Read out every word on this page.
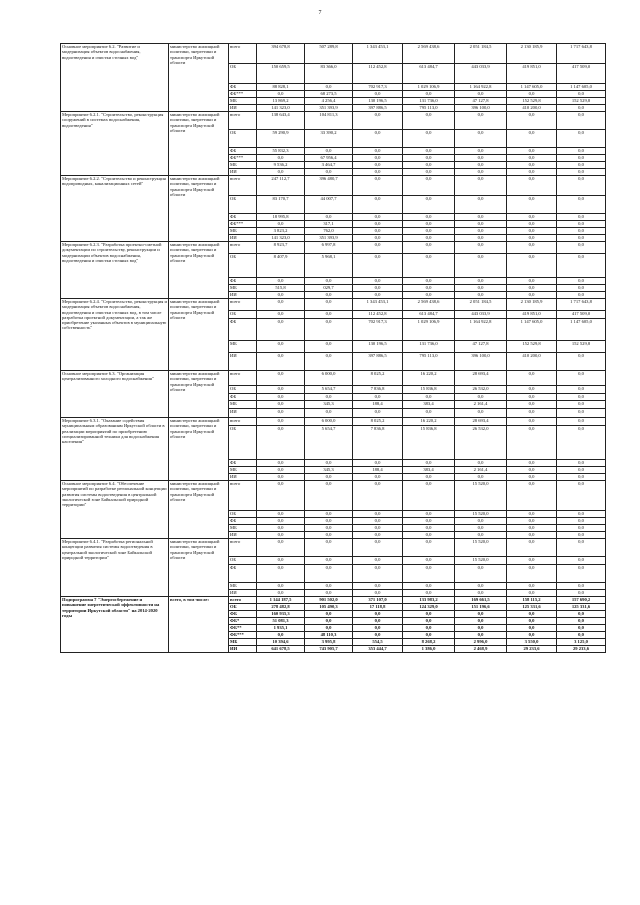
7
Основное мероприятие 6.2. "Развитие и модернизация объектов водоснабжения, водоотведения и очистки сточных вод"	министерство жилищной политики, энергетики и транспорта Иркутской области	всего	394 678,8	507 289,8	1 343 453,1	2 569 438,6	2 051 184,5	2 130 185,9	1 717 643,8
		ОБ	150 659,5	83 366,0	112 452,8	613 484,7	443 033,9	419 851,0	417 509,0
		ФБ	88 828,1	0,0	702 917,3	1 029 106,9	1 164 922,8	1 147 605,0	1 147 605,0
		ФБ***	0,0	68 273,5	0,0	0,0	0,0	0,0	0,0
		МБ	13 869,2	4 256,4	130 196,5	131 736,0	47 127,8	152 529,8	152 529,8
		ИИ	141 323,0	351 393,9	397 886,5	795 113,0	396 100,0	410 200,0	0,0
Мероприятие 6.2.1. "Строительство, реконструкция сооружений в системах водоснабжения, водоотведения"	министерство жилищной политики, энергетики и транспорта Иркутской области	всего	138 643,4	104 811,3	0,0	0,0	0,0	0,0	0,0
		ОБ	59 290,9	33 390,2	0,0	0,0	0,0	0,0	0,0
		ФБ	55 832,3	0,0	0,0	0,0	0,0	0,0	0,0
		ФБ***	0,0	67 956,4	0,0	0,0	0,0	0,0	0,0
		МБ	9 536,2	3 464,7	0,0	0,0	0,0	0,0	0,0
		ИИ	0,0	0,0	0,0	0,0	0,0	0,0	0,0
Мероприятие 6.2.2. "Строительство и реконструкция водопроводных, канализационных сетей"	министерство жилищной политики, энергетики и транспорта Иркутской области	всего	247 112,7	396 480,7	0,0	0,0	0,0	0,0	0,0
		ОБ	83 170,7	44 007,7	0,0	0,0	0,0	0,0	0,0
		ФБ	18 995,8	0,0	0,0	0,0	0,0	0,0	0,0
		ФБ***	0,0	317,1	0,0	0,0	0,0	0,0	0,0
		МБ	3 823,2	762,0	0,0	0,0	0,0	0,0	0,0
		ИИ	141 323,0	351 393,9	0,0	0,0	0,0	0,0	0,0
Мероприятие 6.2.3. "Разработка проектно-сметной документации по строительству, реконструкции и модернизации объектов водоснабжения, водоотведения и очистки сточных вод"	министерство жилищной политики, энергетики и транспорта Иркутской области	всего	8 923,7	6 997,8	0,0	0,0	0,0	0,0	0,0
		ОБ	8 407,9	5 968,1	0,0	0,0	0,0	0,0	0,0
		ФБ	0,0	0,0	0,0	0,0	0,0	0,0	0,0
		МБ	515,8	029,7	0,0	0,0	0,0	0,0	0,0
		ИИ	0,0	0,0	0,0	0,0	0,0	0,0	0,0
Мероприятие 6.2.4. "Строительство, реконструкция и модернизация объектов водоснабжения, водоотведения и очистки сточных вод, в том числе разработка проектной документации, а так же приобретение указанных объектов в муниципальную собственность"	министерство жилищной политики, энергетики и транспорта Иркутской области	всего	0,0	0,0	1 343 453,1	2 569 438,6	2 051 184,5	2 130 185,9	1 717 643,8
		ОБ	0,0	0,0	112 452,8	613 484,7	443 033,9	419 851,0	417 509,0
		ФБ	0,0	0,0	702 917,3	1 029 106,9	1 164 922,8	1 147 605,0	1 147 605,0
		МБ	0,0	0,0	130 196,5	131 736,0	47 127,8	152 529,8	152 529,8
		ИИ	0,0	0,0	397 886,5	795 113,0	396 100,0	410 200,0	0,0
Основное мероприятие 6.3. "Организация централизованного холодного водоснабжения"	министерство жилищной политики, энергетики и транспорта Иркутской области	всего	0,0	6 000,0	8 025,2	16 220,2	28 693,4	0,0	0,0
		ОБ	0,0	5 654,7	7 836,8	15 836,8	26 532,0	0,0	0,0
		ФБ	0,0	0,0	0,0	0,0	0,0	0,0	0,0
		МБ	0,0	345,3	188,4	383,4	2 161,4	0,0	0,0
		ИИ	0,0	0,0	0,0	0,0	0,0	0,0	0,0
Мероприятие 6.3.1. "Оказание содействия муниципальным образованиям Иркутской области в реализации мероприятий по приобретению специализированной техники для водоснабжения населения"	министерство жилищной политики, энергетики и транспорта Иркутской области	всего	0,0	6 000,0	8 025,2	16 220,2	28 693,4	0,0	0,0
		ОБ	0,0	5 654,7	7 836,8	15 836,8	26 532,0	0,0	0,0
		ФБ	0,0	0,0	0,0	0,0	0,0	0,0	0,0
		МБ	0,0	345,3	188,4	383,4	2 161,4	0,0	0,0
		ИИ	0,0	0,0	0,0	0,0	0,0	0,0	0,0
Основное мероприятие 6.4. "Обеспечение мероприятий по разработке региональной концепции развития системы водоотведения в центральной экологической зоне Байкальской природной территории"	министерство жилищной политики, энергетики и транспорта Иркутской области	всего	0,0	0,0	0,0	0,0	15 520,0	0,0	0,0
		ОБ	0,0	0,0	0,0	0,0	15 520,0	0,0	0,0
		ФБ	0,0	0,0	0,0	0,0	0,0	0,0	0,0
		МБ	0,0	0,0	0,0	0,0	0,0	0,0	0,0
		ИИ	0,0	0,0	0,0	0,0	0,0	0,0	0,0
Мероприятие 6.4.1. "Разработка региональной концепции развития системы водоотведения в центральной экологической зоне Байкальской природной территории"	министерство жилищной политики, энергетики и транспорта Иркутской области	всего	0,0	0,0	0,0	0,0	15 520,0	0,0	0,0
		ОБ	0,0	0,0	0,0	0,0	15 520,0	0,0	0,0
		ФБ	0,0	0,0	0,0	0,0	0,0	0,0	0,0
		МБ	0,0	0,0	0,0	0,0	0,0	0,0	0,0
		ИИ	0,0	0,0	0,0	0,0	0,0	0,0	0,0
Подпрограмма 7 "Энергосбережение и повышение энергетической эффективности на территории Иркутской области" на 2014-2020 годы	всего, в том числе:	всего	1 144 187,5	901 502,0	371 107,0	133 983,2	169 661,5	158 115,2	157 690,2
		ОБ	278 482,8	105 490,3	17 118,8	124 329,0	151 196,6	125 331,6	125 331,6
		ФБ	160 935,3	0,0	0,0	0,0	0,0	0,0	0,0
		ФБ*	51 081,3	0,0	0,0	0,0	0,0	0,0	0,0
		ФБ**	1 935,1	0,0	0,0	0,0	0,0	0,0	0,0
		ФБ***	0,0	48 110,3	0,0	0,0	0,0	0,0	0,0
		МБ	10 394,6	3 995,8	554,5	8 268,2	2 996,0	3 550,0	3 125,0
		ИИ	641 678,5	743 905,7	353 444,7	1 386,0	2 468,9	29 233,6	29 233,6
